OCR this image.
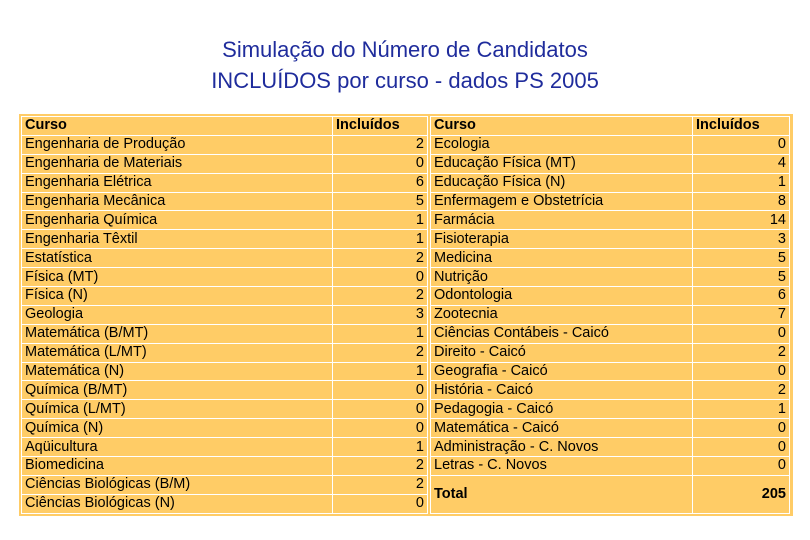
Simulação do Número de Candidatos
INCLUÍDOS por curso - dados PS 2005
Curso	Incluídos
Engenharia de Produção	2
Engenharia de Materiais	0
Engenharia Elétrica	6
Engenharia Mecânica	5
Engenharia Química	1
Engenharia Têxtil	1
Estatística	2
Física (MT)	0
Física (N)	2
Geologia	3
Matemática (B/MT)	1
Matemática (L/MT)	2
Matemática (N)	1
Química (B/MT)	0
Química (L/MT)	0
Química (N)	0
Aqüicultura	1
Biomedicina	2
Ciências Biológicas (B/M)	2
Ciências Biológicas (N)	0
Curso	Incluídos
Ecologia	0
Educação Física (MT)	4
Educação Física (N)	1
Enfermagem e Obstetrícia	8
Farmácia	14
Fisioterapia	3
Medicina	5
Nutrição	5
Odontologia	6
Zootecnia	7
Ciências Contábeis - Caicó	0
Direito - Caicó	2
Geografia - Caicó	0
História - Caicó	2
Pedagogia - Caicó	1
Matemática - Caicó	0
Administração - C. Novos	0
Letras - C. Novos	0
Total	205
